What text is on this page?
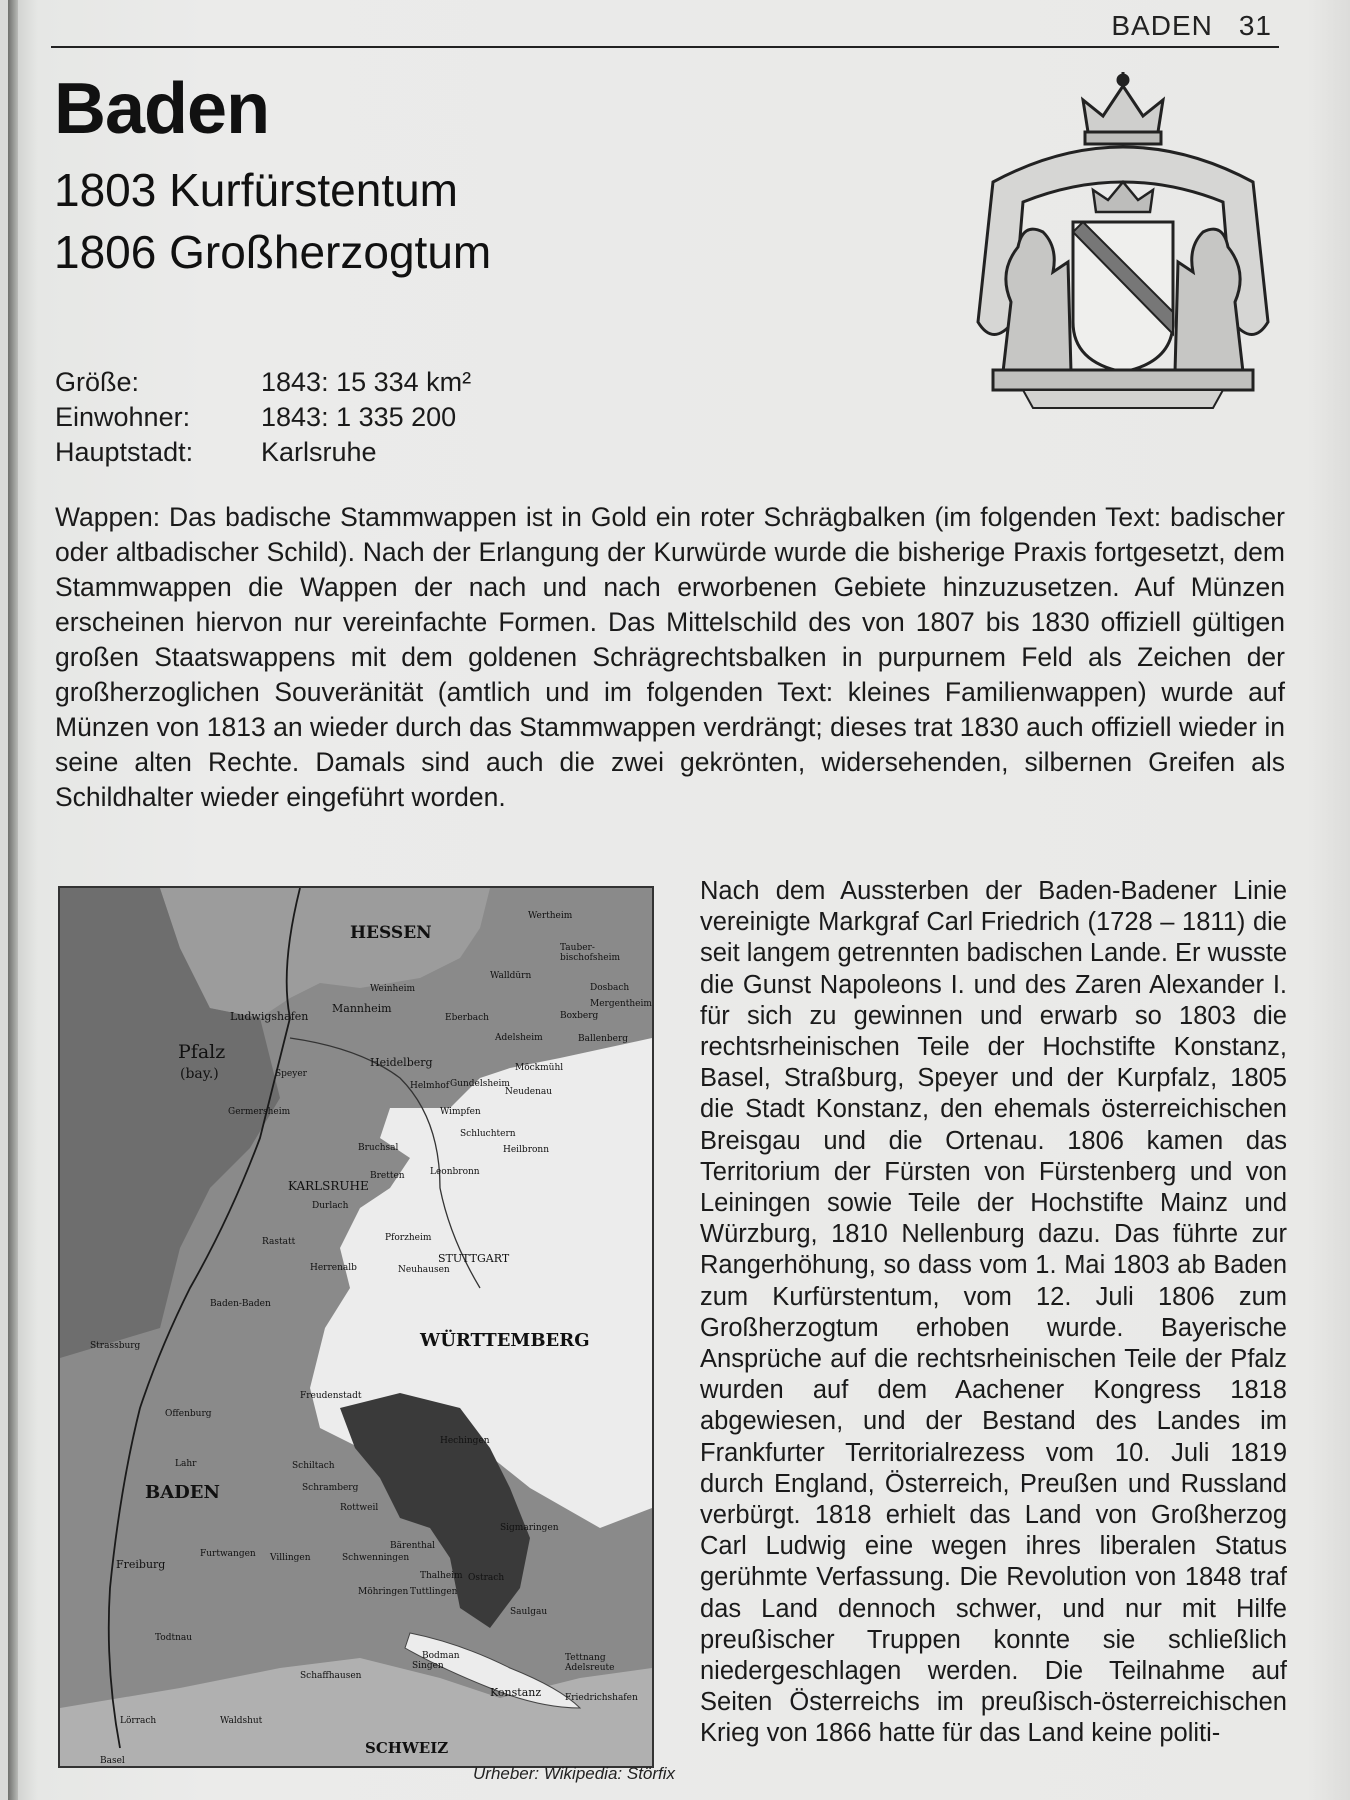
BADEN 31
Baden
1803 Kurfürstentum
1806 Großherzogtum
Größe:	1843: 15 334 km²
Einwohner:	1843: 1 335 200
Hauptstadt:	Karlsruhe

Wappen: Das badische Stammwappen ist in Gold ein roter Schrägbalken (im folgenden Text: badischer oder altbadischer Schild). Nach der Erlangung der Kurwürde wurde die bisherige Praxis fortgesetzt, dem Stammwappen die Wappen der nach und nach erworbenen Gebiete hinzuzusetzen. Auf Münzen erscheinen hiervon nur vereinfachte Formen. Das Mittelschild des von 1807 bis 1830 offiziell gültigen großen Staatswappens mit dem goldenen Schrägrechtsbalken in purpurnem Feld als Zeichen der großherzoglichen Souveränität (amtlich und im folgenden Text: kleines Familienwappen) wurde auf Münzen von 1813 an wieder durch das Stammwappen verdrängt; dieses trat 1830 auch offiziell wieder in seine alten Rechte. Damals sind auch die zwei gekrönten, widersehenden, silbernen Greifen als Schildhalter wieder eingeführt worden.

HESSEN
Pfalz
(bay.)
BADEN
WÜRTTEMBERG
SCHWEIZ
Wertheim
Tauber-
bischofsheim
Walldürn
Weinheim
Mannheim
Ludwigshafen	Eberbach
Dosbach
Mergentheim
Boxberg
Adelsheim	Ballenberg
Heidelberg
Speyer
Möckmühl
Helmhof Gundelsheim
Neudenau
Germersheim	Wimpfen
Schluchtern
Heilbronn
Bruchsal
Bretten	Leonbronn
KARLSRUHE
Durlach
Rastatt	Pforzheim
STUTTGART
Herrenalb	Neuhausen
Baden-Baden
Strassburg
Freudenstadt
Offenburg
Hechingen
Lahr	Schiltach
Schramberg
Rottweil
Sigmaringen
Freiburg
Furtwangen Villingen	Schwenningen
Möhringen Tuttlingen
Bärenthal
Thalheim Ostrach
Saulgau
Todtnau
Singen
Bodman	Tettnang
Adelsreute
Friedrichshafen
Konstanz
Lörrach	Waldshut
Schaffhausen
Basel
Urheber: Wikipedia: Störfix

Nach dem Aussterben der Baden-Badener Linie vereinigte Markgraf Carl Friedrich (1728 – 1811) die seit langem getrennten badischen Lande. Er wusste die Gunst Napoleons I. und des Zaren Alexander I. für sich zu gewinnen und erwarb so 1803 die rechtsrheinischen Teile der Hochstifte Konstanz, Basel, Straßburg, Speyer und der Kurpfalz, 1805 die Stadt Konstanz, den ehemals österreichischen Breisgau und die Ortenau. 1806 kamen das Territorium der Fürsten von Fürstenberg und von Leiningen sowie Teile der Hochstifte Mainz und Würzburg, 1810 Nellenburg dazu. Das führte zur Rangerhöhung, so dass vom 1. Mai 1803 ab Baden zum Kurfürstentum, vom 12. Juli 1806 zum Großherzogtum erhoben wurde. Bayerische Ansprüche auf die rechtsrheinischen Teile der Pfalz wurden auf dem Aachener Kongress 1818 abgewiesen, und der Bestand des Landes im Frankfurter Territorialrezess vom 10. Juli 1819 durch England, Österreich, Preußen und Russland verbürgt. 1818 erhielt das Land von Großherzog Carl Ludwig eine wegen ihres liberalen Status gerühmte Verfassung. Die Revolution von 1848 traf das Land dennoch schwer, und nur mit Hilfe preußischer Truppen konnte sie schließlich niedergeschlagen werden. Die Teilnahme auf Seiten Österreichs im preußisch-österreichischen Krieg von 1866 hatte für das Land keine politi-
